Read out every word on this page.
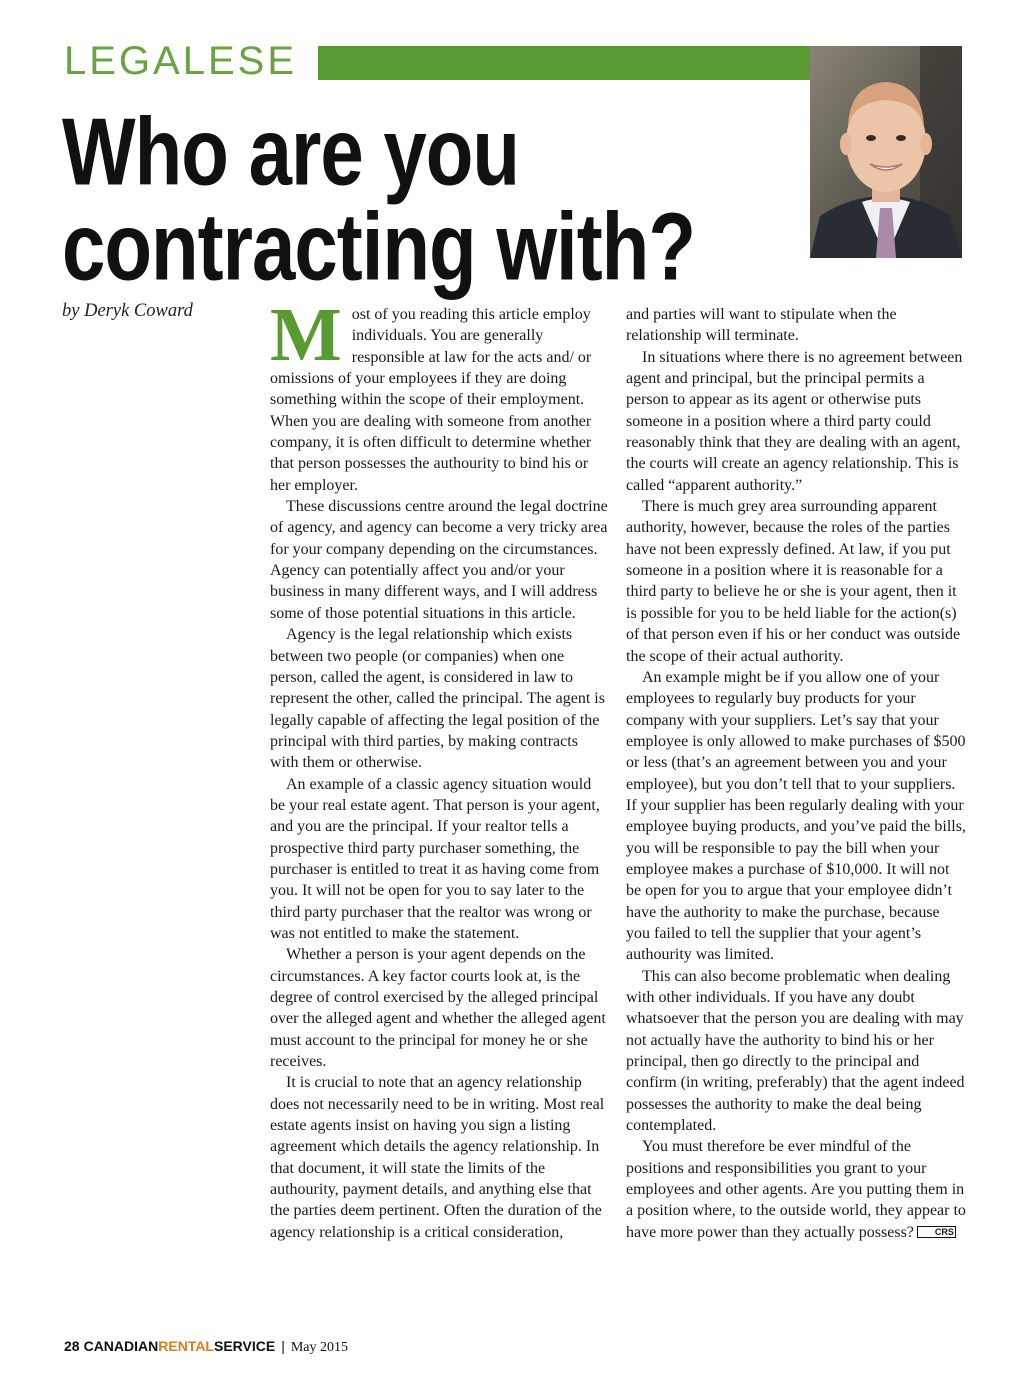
LEGALESE
Who are you contracting with?
by Deryk Coward Most of you reading this article employ individuals. You are generally responsible at law for the acts and/ or omissions of your employees if they are doing something within the scope of their employment. When you are dealing with someone from another company, it is often difficult to determine whether that person possesses the authourity to bind his or her employer.

These discussions centre around the legal doctrine of agency, and agency can become a very tricky area for your company depending on the circumstances. Agency can potentially affect you and/or your business in many different ways, and I will address some of those potential situations in this article.

Agency is the legal relationship which exists between two people (or companies) when one person, called the agent, is considered in law to represent the other, called the principal. The agent is legally capable of affecting the legal position of the principal with third parties, by making contracts with them or otherwise.

An example of a classic agency situation would be your real estate agent. That person is your agent, and you are the principal. If your realtor tells a prospective third party purchaser something, the purchaser is entitled to treat it as having come from you. It will not be open for you to say later to the third party purchaser that the realtor was wrong or was not entitled to make the statement.

Whether a person is your agent depends on the circumstances. A key factor courts look at, is the degree of control exercised by the alleged principal over the alleged agent and whether the alleged agent must account to the principal for money he or she receives.

It is crucial to note that an agency relationship does not necessarily need to be in writing. Most real estate agents insist on having you sign a listing agreement which details the agency relationship. In that document, it will state the limits of the authourity, payment details, and anything else that the parties deem pertinent. Often the duration of the agency relationship is a critical consideration,

and parties will want to stipulate when the relationship will terminate.

In situations where there is no agreement between agent and principal, but the principal permits a person to appear as its agent or otherwise puts someone in a position where a third party could reasonably think that they are dealing with an agent, the courts will create an agency relationship. This is called “apparent authority.”

There is much grey area surrounding apparent authority, however, because the roles of the parties have not been expressly defined. At law, if you put someone in a position where it is reasonable for a third party to believe he or she is your agent, then it is possible for you to be held liable for the action(s) of that person even if his or her conduct was outside the scope of their actual authority.

An example might be if you allow one of your employees to regularly buy products for your company with your suppliers. Let’s say that your employee is only allowed to make purchases of $500 or less (that’s an agreement between you and your employee), but you don’t tell that to your suppliers. If your supplier has been regularly dealing with your employee buying products, and you’ve paid the bills, you will be responsible to pay the bill when your employee makes a purchase of $10,000. It will not be open for you to argue that your employee didn’t have the authority to make the purchase, because you failed to tell the supplier that your agent’s authourity was limited.

This can also become problematic when dealing with other individuals. If you have any doubt whatsoever that the person you are dealing with may not actually have the authority to bind his or her principal, then go directly to the principal and confirm (in writing, preferably) that the agent indeed possesses the authority to make the deal being contemplated.

You must therefore be ever mindful of the positions and responsibilities you grant to your employees and other agents. Are you putting them in a position where, to the outside world, they appear to have more power than they actually possess? CRS

28 CANADIANRENTALSERVICE | May 2015
